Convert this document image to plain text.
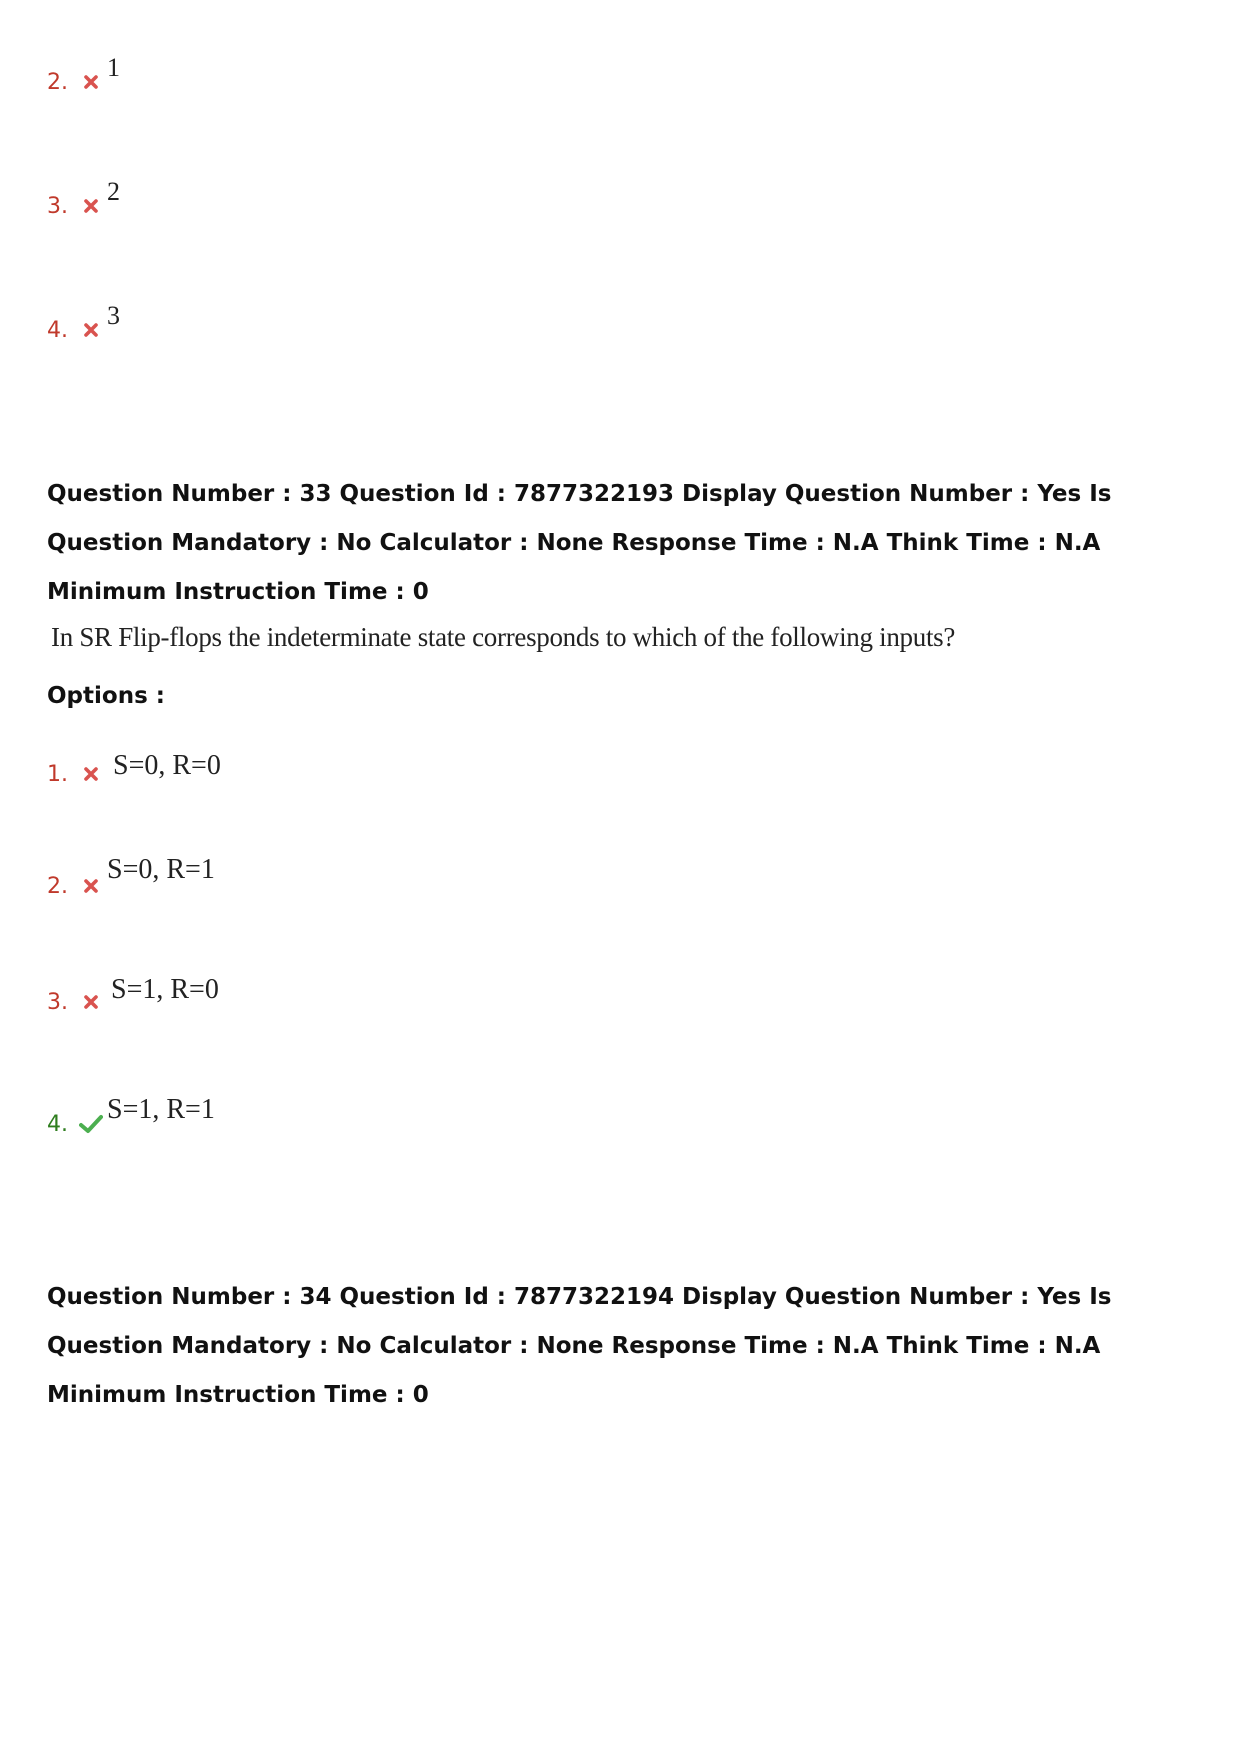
2.	1
3.	2
4.	3
Question Number : 33 Question Id : 7877322193 Display Question Number : Yes Is Question Mandatory : No Calculator : None Response Time : N.A Think Time : N.A Minimum Instruction Time : 0
In SR Flip-flops the indeterminate state corresponds to which of the following inputs?
Options :
1.	S=0, R=0
2.
S=0, R=1
3.	S=1, R=0
4.	S=1, R=1
Question Number : 34 Question Id : 7877322194 Display Question Number : Yes Is Question Mandatory : No Calculator : None Response Time : N.A Think Time : N.A Minimum Instruction Time : 0
